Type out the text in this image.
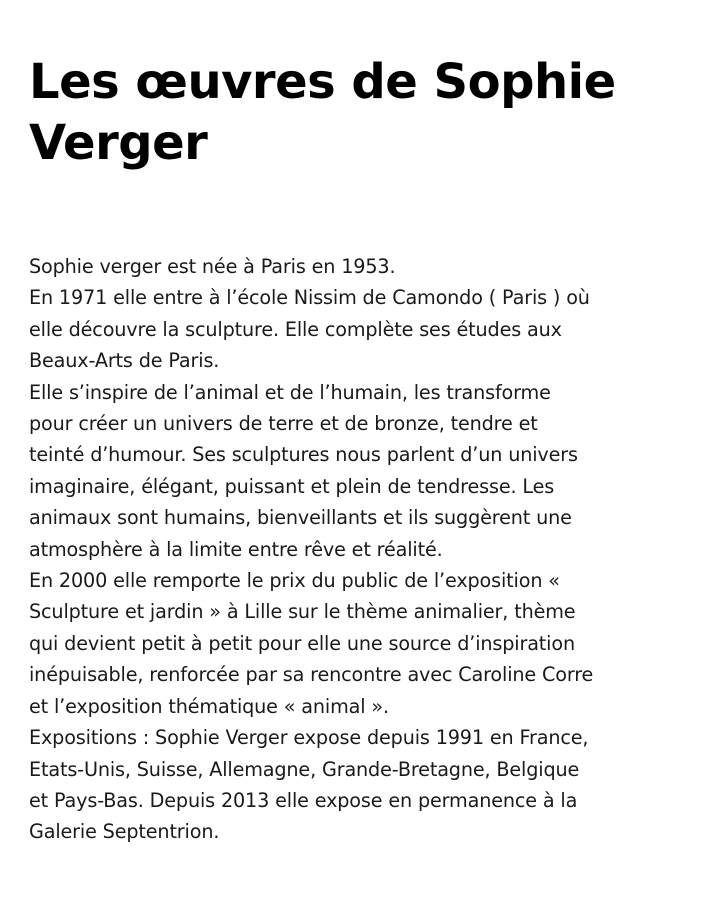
Les œuvres de Sophie
Verger
Sophie verger est née à Paris en 1953.
En 1971 elle entre à l’école Nissim de Camondo ( Paris ) où
elle découvre la sculpture. Elle complète ses études aux
Beaux-Arts de Paris.
Elle s’inspire de l’animal et de l’humain, les transforme
pour créer un univers de terre et de bronze, tendre et
teinté d’humour. Ses sculptures nous parlent d’un univers
imaginaire, élégant, puissant et plein de tendresse. Les
animaux sont humains, bienveillants et ils suggèrent une
atmosphère à la limite entre rêve et réalité.
En 2000 elle remporte le prix du public de l’exposition «
Sculpture et jardin » à Lille sur le thème animalier, thème
qui devient petit à petit pour elle une source d’inspiration
inépuisable, renforcée par sa rencontre avec Caroline Corre
et l’exposition thématique « animal ».
Expositions : Sophie Verger expose depuis 1991 en France,
Etats-Unis, Suisse, Allemagne, Grande-Bretagne, Belgique
et Pays-Bas. Depuis 2013 elle expose en permanence à la
Galerie Septentrion.
